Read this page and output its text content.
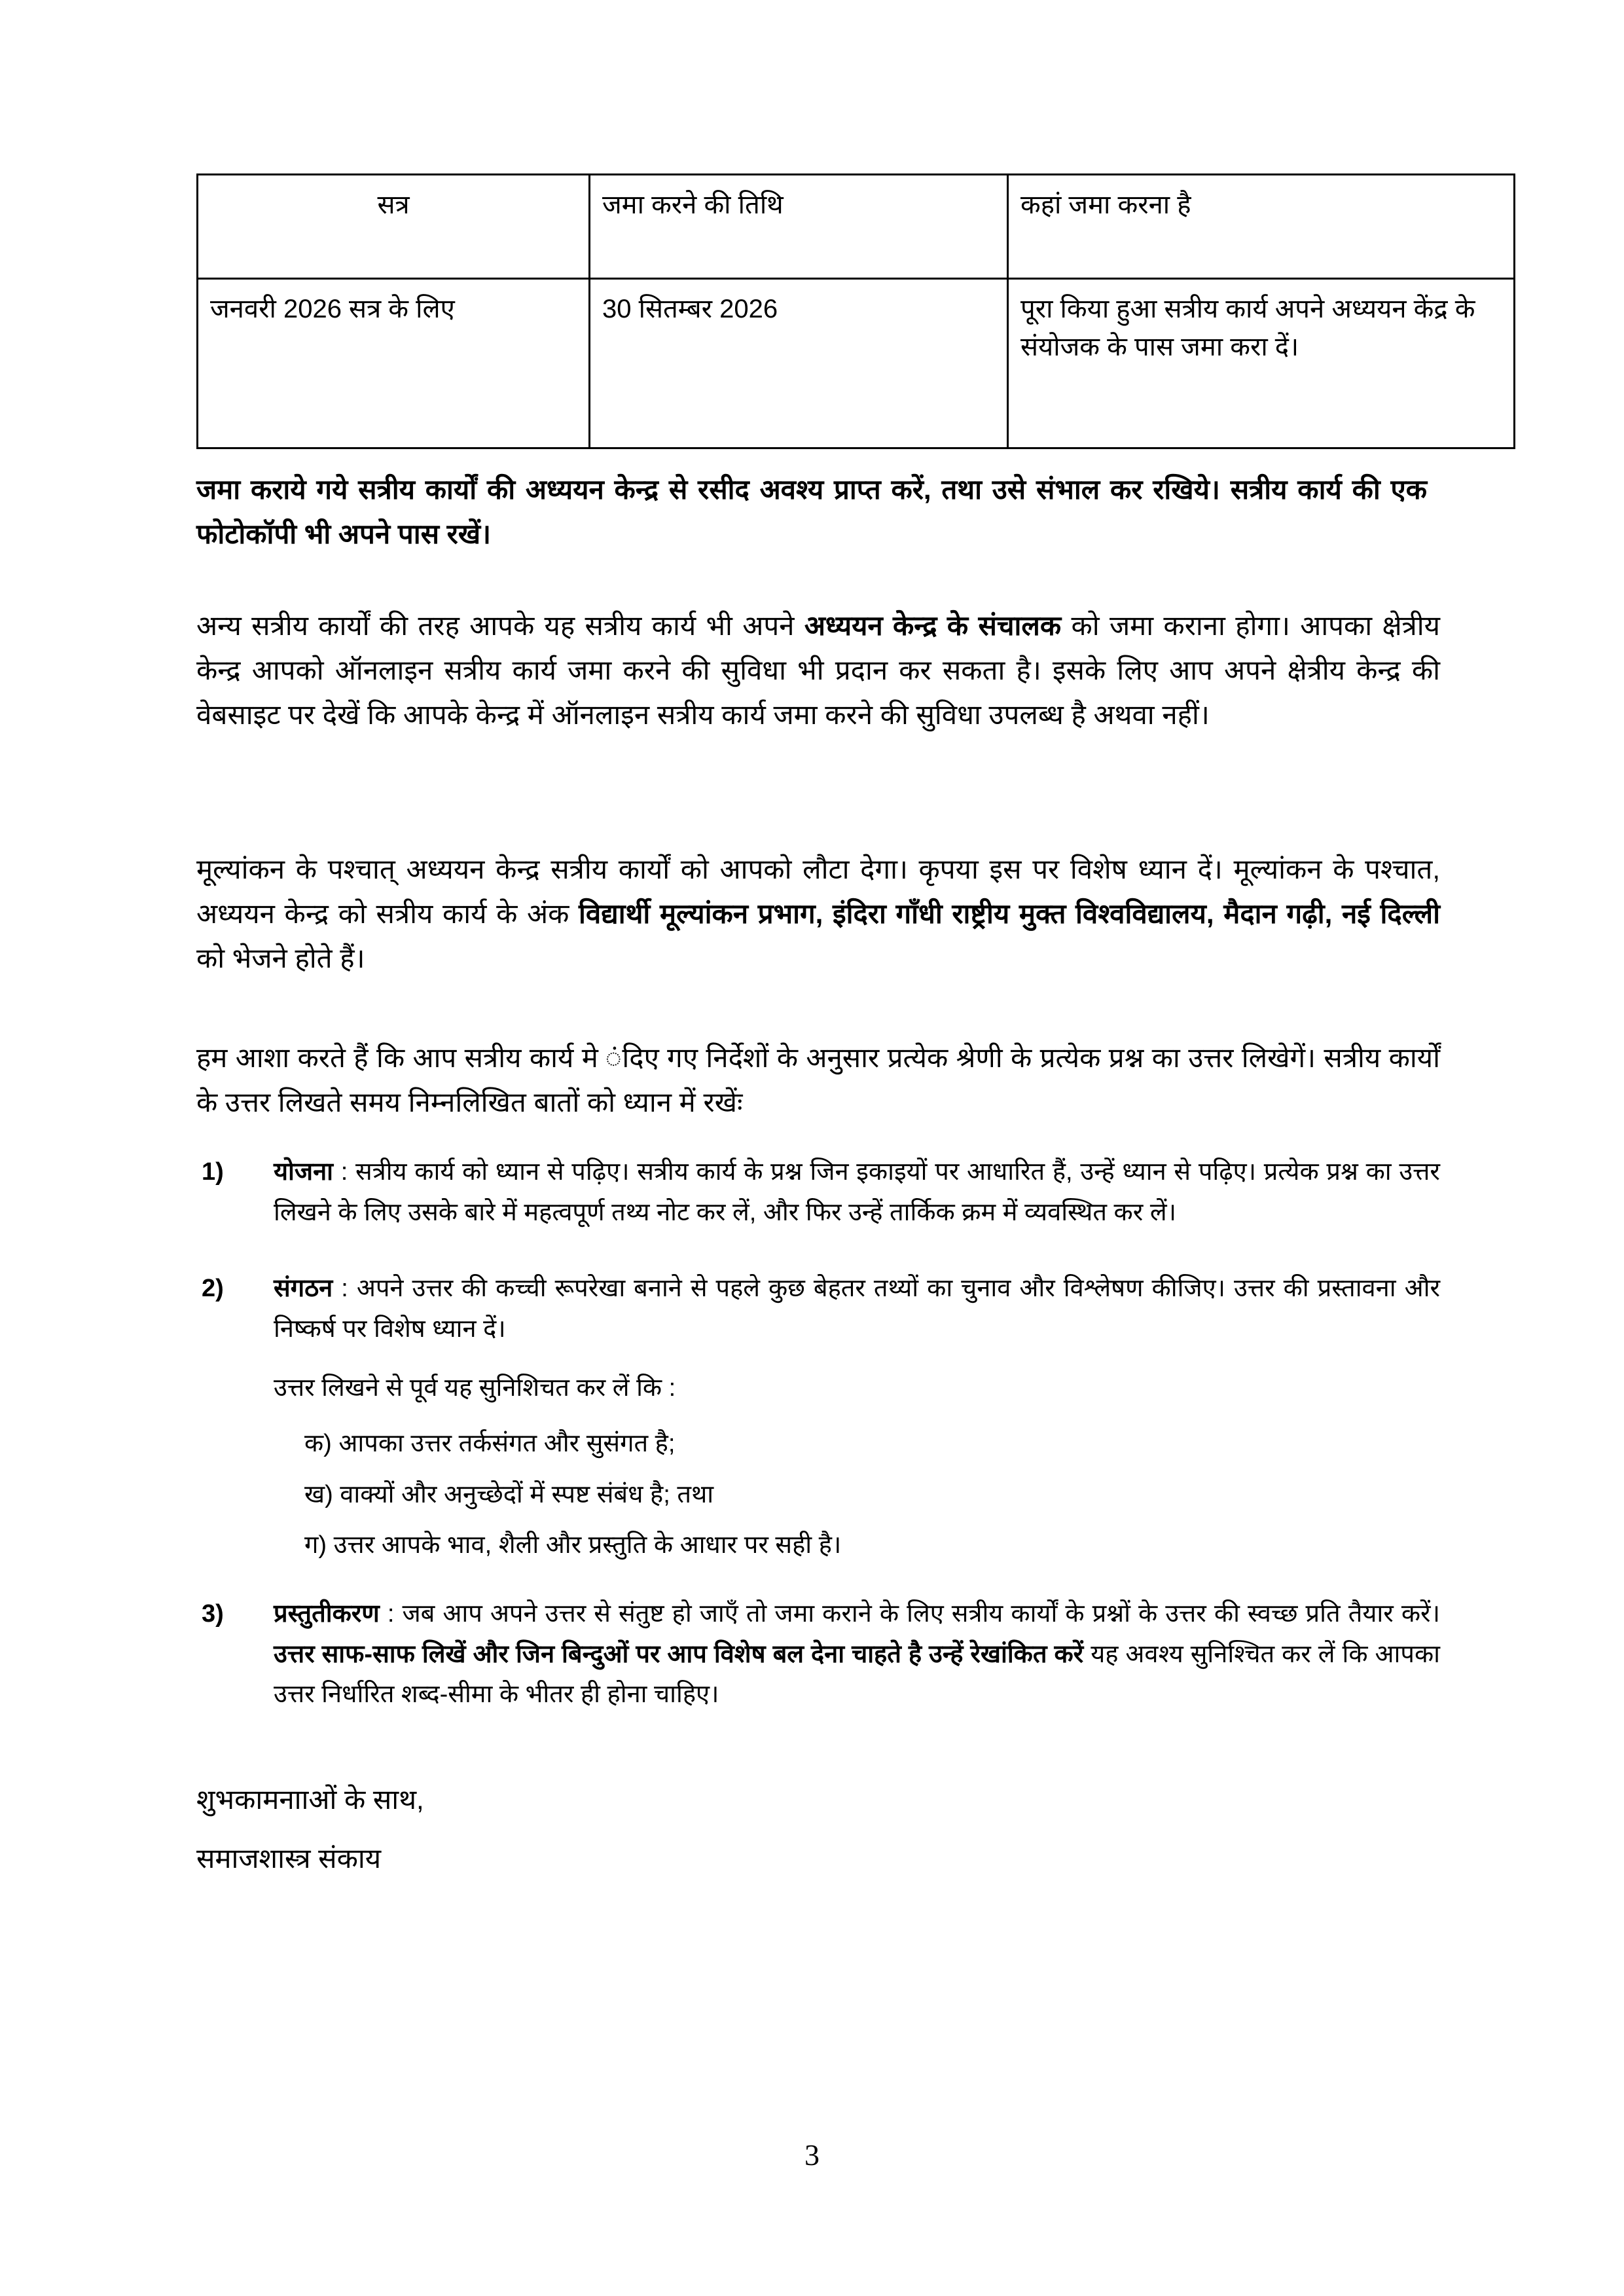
सत्र	जमा करने की तिथि	कहां जमा करना है
जनवरी 2026 सत्र के लिए	30 सितम्बर 2026	पूरा किया हुआ सत्रीय कार्य अपने अध्ययन केंद्र के संयोजक के पास जमा करा दें।

जमा कराये गये सत्रीय कार्याें की अध्ययन केन्द्र से रसीद अवश्य प्राप्त करें, तथा उसे संभाल कर रखिये। सत्रीय कार्य की एक फोटोकॉपी भी अपने पास रखें।

अन्य सत्रीय कार्याें की तरह आपके यह सत्रीय कार्य भी अपने अध्ययन केन्द्र के संचालक को जमा कराना होगा। आपका क्षेत्रीय केन्द्र आपको ऑनलाइन सत्रीय कार्य जमा करने की सुविधा भी प्रदान कर सकता है। इसके लिए आप अपने क्षेत्रीय केन्द्र की वेबसाइट पर देखें कि आपके केन्द्र में ऑनलाइन सत्रीय कार्य जमा करने की सुविधा उपलब्ध है अथवा नहीं।

मूल्यांकन के पश्चात् अध्ययन केन्द्र सत्रीय कार्याें को आपको लौटा देगा। कृपया इस पर विशेष ध्यान दें। मूल्यांकन के पश्चात, अध्ययन केन्द्र को सत्रीय कार्य के अंक विद्यार्थी मूल्यांकन प्रभाग, इंदिरा गाँधी राष्ट्रीय मुक्त विश्वविद्यालय, मैदान गढ़ी, नई दिल्ली को भेजने होते हैं।

हम आशा करते हैं कि आप सत्रीय कार्य मे ंदिए गए निर्देशों के अनुसार प्रत्येक श्रेणी के प्रत्येक प्रश्न का उत्तर लिखेगें। सत्रीय कार्याें के उत्तर लिखते समय निम्नलिखित बातों को ध्यान में रखेंः

1)	योजना : सत्रीय कार्य को ध्यान से पढ़िए। सत्रीय कार्य के प्रश्न जिन इकाइयों पर आधारित हैं, उन्हें ध्यान से पढ़िए। प्रत्येक प्रश्न का उत्तर लिखने के लिए उसके बारे में महत्वपूर्ण तथ्य नोट कर लें, और फिर उन्हें तार्किक क्रम में व्यवस्थित कर लें।
2)	संगठन : अपने उत्तर की कच्ची रूपरेखा बनाने से पहले कुछ बेहतर तथ्यों का चुनाव और विश्लेषण कीजिए। उत्तर की प्रस्तावना और निष्कर्ष पर विशेष ध्यान दें।
उत्तर लिखने से पूर्व यह सुनिशिचत कर लें कि :
क) आपका उत्तर तर्कसंगत और सुसंगत है;
ख) वाक्यों और अनुच्छेदों में स्पष्ट संबंध है; तथा
ग) उत्तर आपके भाव, शैली और प्रस्तुति के आधार पर सही है।
3)	प्रस्तुतीकरण : जब आप अपने उत्तर से संतुष्ट हो जाएँ तो जमा कराने के लिए सत्रीय कार्याें के प्रश्नों के उत्तर की स्वच्छ प्रति तैयार करें। उत्तर साफ-साफ लिखें और जिन बिन्दुओं पर आप विशेष बल देना चाहते है उन्हें रेखांकित करें यह अवश्य सुनिश्चित कर लें कि आपका उत्तर निर्धारित शब्द-सीमा के भीतर ही होना चाहिए।
शुभकामनााओं के साथ,
समाजशास्त्र संकाय
3
